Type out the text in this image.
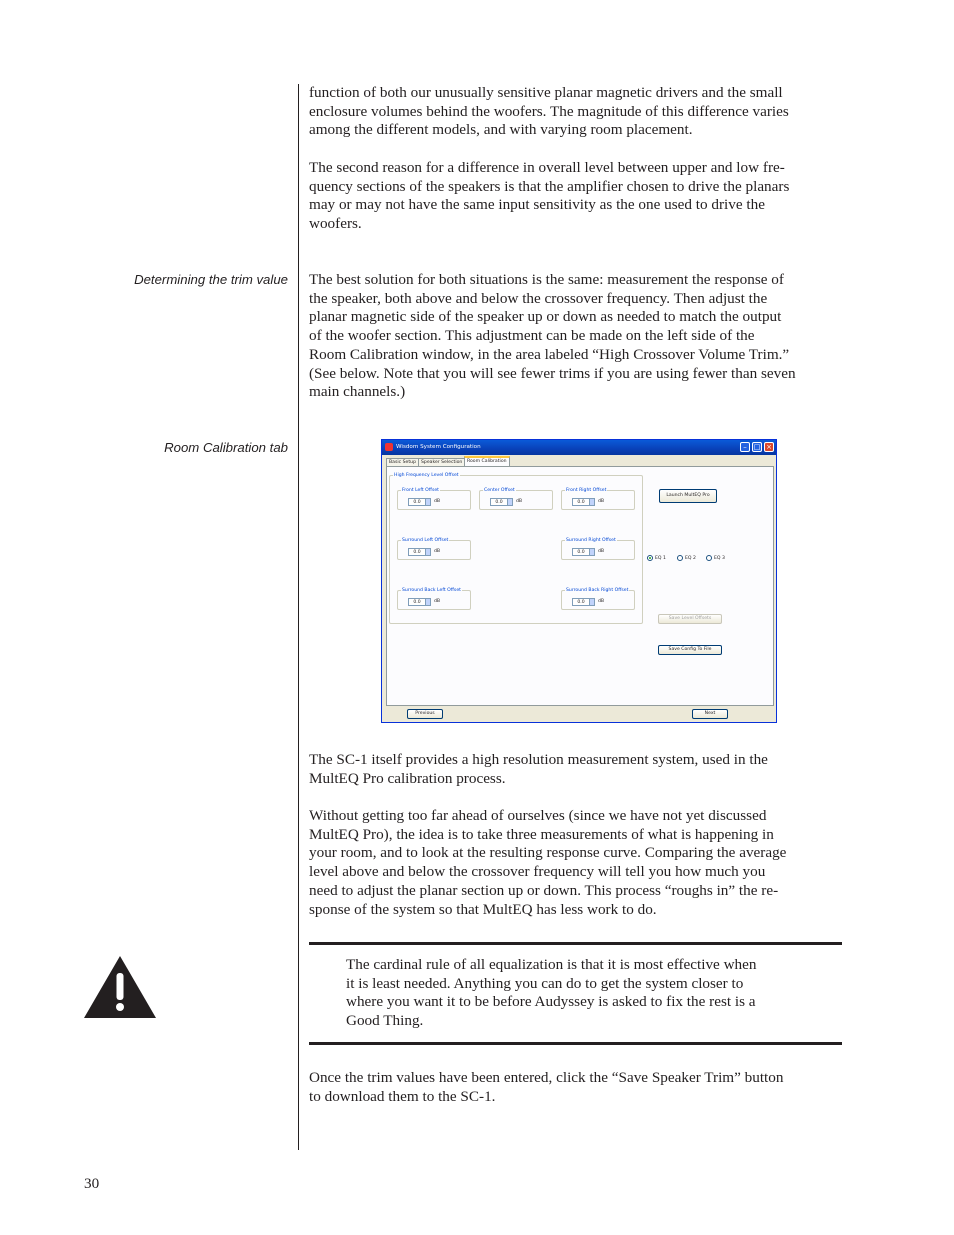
function of both our unusually sensitive planar magnetic drivers and the small
enclosure volumes behind the woofers. The magnitude of this difference varies
among the different models, and with varying room placement.

The second reason for a difference in overall level between upper and low fre-
quency sections of the speakers is that the amplifier chosen to drive the planars
may or may not have the same input sensitivity as the one used to drive the
woofers.

Determining the trim value The best solution for both situations is the same: measurement the response of
the speaker, both above and below the crossover frequency. Then adjust the
planar magnetic side of the speaker up or down as needed to match the output
of the woofer section. This adjustment can be made on the left side of the
Room Calibration window, in the area labeled “High Crossover Volume Trim.”
(See below. Note that you will see fewer trims if you are using fewer than seven
main channels.)

Room Calibration tab	Wisdom System Configuration	– □ ×
Basic Setup	Speaker Selection	Room Calibration
High Frequency Level Offset
Front Left Offset
0.0	dB
Center Offset
0.0	dB
Front Right Offset
0.0	dB
Surround Left Offset
0.0	dB
Surround Right Offset
0.0	dB
Surround Back Left Offset
0.0	dB
Surround Back Right Offset
0.0	dB
Launch MultEQ Pro
EQ 1	EQ 2	EQ 3
Save Level Offsets
Save Config To File
Previous	Next

The SC-1 itself provides a high resolution measurement system, used in the
MultEQ Pro calibration process.

Without getting too far ahead of ourselves (since we have not yet discussed
MultEQ Pro), the idea is to take three measurements of what is happening in
your room, and to look at the resulting response curve. Comparing the average
level above and below the crossover frequency will tell you how much you
need to adjust the planar section up or down. This process “roughs in” the re-
sponse of the system so that MultEQ has less work to do.

The cardinal rule of all equalization is that it is most effective when
it is least needed. Anything you can do to get the system closer to
where you want it to be before Audyssey is asked to fix the rest is a
Good Thing.

Once the trim values have been entered, click the “Save Speaker Trim” button
to download them to the SC-1.

30
